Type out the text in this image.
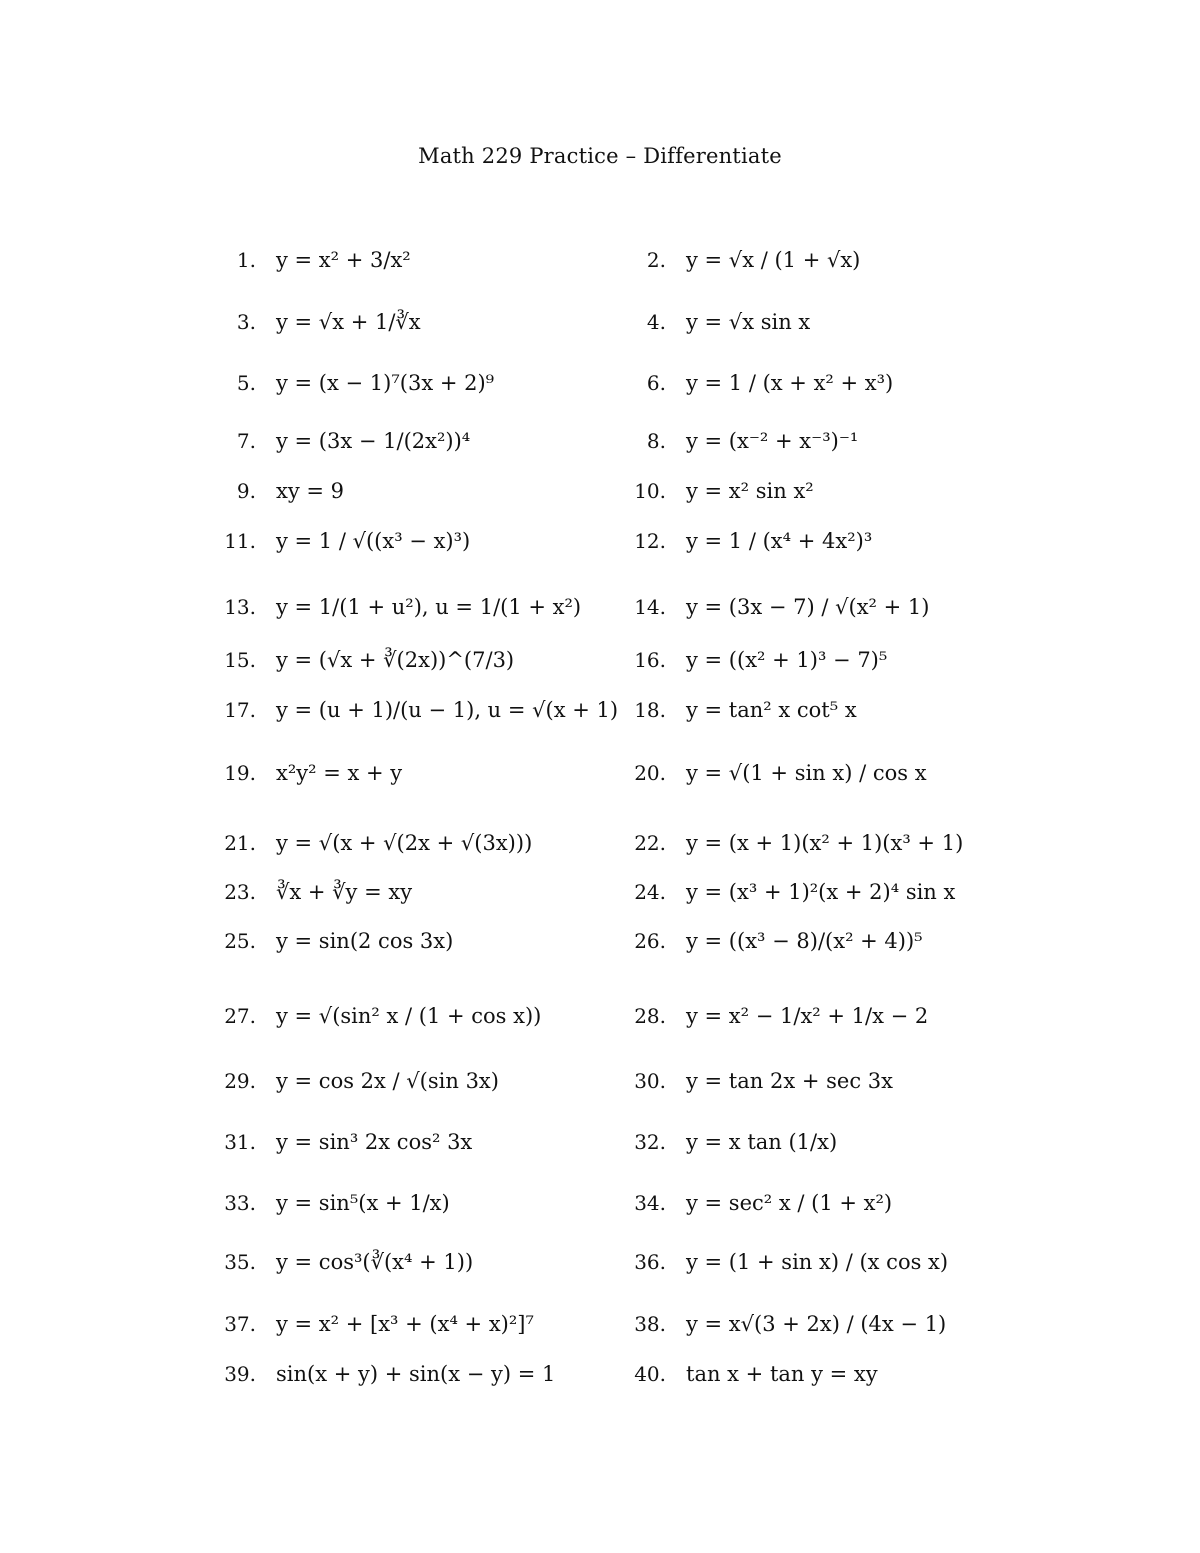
Math 229 Practice – Differentiate
1. y = x² + 3/x²	2. y = √x / (1 + √x)
3. y = √x + 1/∛x	4. y = √x sin x
5. y = (x − 1)⁷(3x + 2)⁹	6. y = 1 / (x + x² + x³)
7. y = (3x − 1/(2x²))⁴	8. y = (x⁻² + x⁻³)⁻¹
9. xy = 9	10. y = x² sin x²
11. y = 1 / √((x³ − x)³)	12. y = 1 / (x⁴ + 4x²)³
13. y = 1/(1 + u²), u = 1/(1 + x²)	14. y = (3x − 7) / √(x² + 1)
15. y = (√x + ∛(2x))^(7/3)	16. y = ((x² + 1)³ − 7)⁵
17. y = (u + 1)/(u − 1), u = √(x + 1) 18. y = tan² x cot⁵ x
19. x²y² = x + y	20. y = √(1 + sin x) / cos x
21. y = √(x + √(2x + √(3x)))	22. y = (x + 1)(x² + 1)(x³ + 1)
23. ∛x + ∛y = xy	24. y = (x³ + 1)²(x + 2)⁴ sin x
25. y = sin(2 cos 3x)	26. y = ((x³ − 8)/(x² + 4))⁵
27. y = √(sin² x / (1 + cos x))	28. y = x² − 1/x² + 1/x − 2
29. y = cos 2x / √(sin 3x)	30. y = tan 2x + sec 3x
31. y = sin³ 2x cos² 3x	32. y = x tan (1/x)
33. y = sin⁵(x + 1/x)	34. y = sec² x / (1 + x²)
35. y = cos³(∛(x⁴ + 1))	36. y = (1 + sin x) / (x cos x)
37. y = x² + [x³ + (x⁴ + x)²]⁷	38. y = x√(3 + 2x) / (4x − 1)
39. sin(x + y) + sin(x − y) = 1	40. tan x + tan y = xy
